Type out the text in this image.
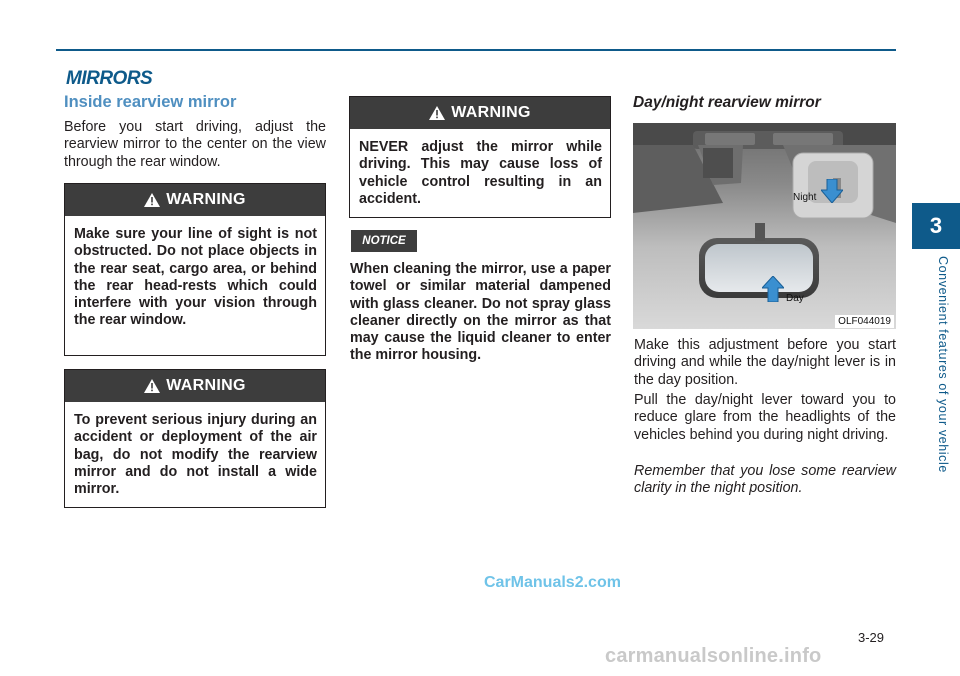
3
Convenient features of your vehicle
MIRRORS
Inside rearview mirror
Before you start driving, adjust the rearview mirror to the center on the view through the rear window.
WARNING
Make sure your line of sight is not obstructed. Do not place objects in the rear seat, cargo area, or behind the rear head-rests which could interfere with your vision through the rear window.
WARNING
To prevent serious injury during an accident or deployment of the air bag, do not modify the rearview mirror and do not install a wide mirror.
WARNING
NEVER adjust the mirror while driving. This may cause loss of vehicle control resulting in an accident.
NOTICE
When cleaning the mirror, use a paper towel or similar material dampened with glass cleaner. Do not spray glass cleaner directly on the mirror as that may cause the liquid cleaner to enter the mirror housing.
Day/night rearview mirror
Night
Day
OLF044019
Make this adjustment before you start driving and while the day/night lever is in the day position.
Pull the day/night lever toward you to reduce glare from the headlights of the vehicles behind you during night driving.
Remember that you lose some rearview clarity in the night position.
CarManuals2.com
3-29
carmanualsonline.info
